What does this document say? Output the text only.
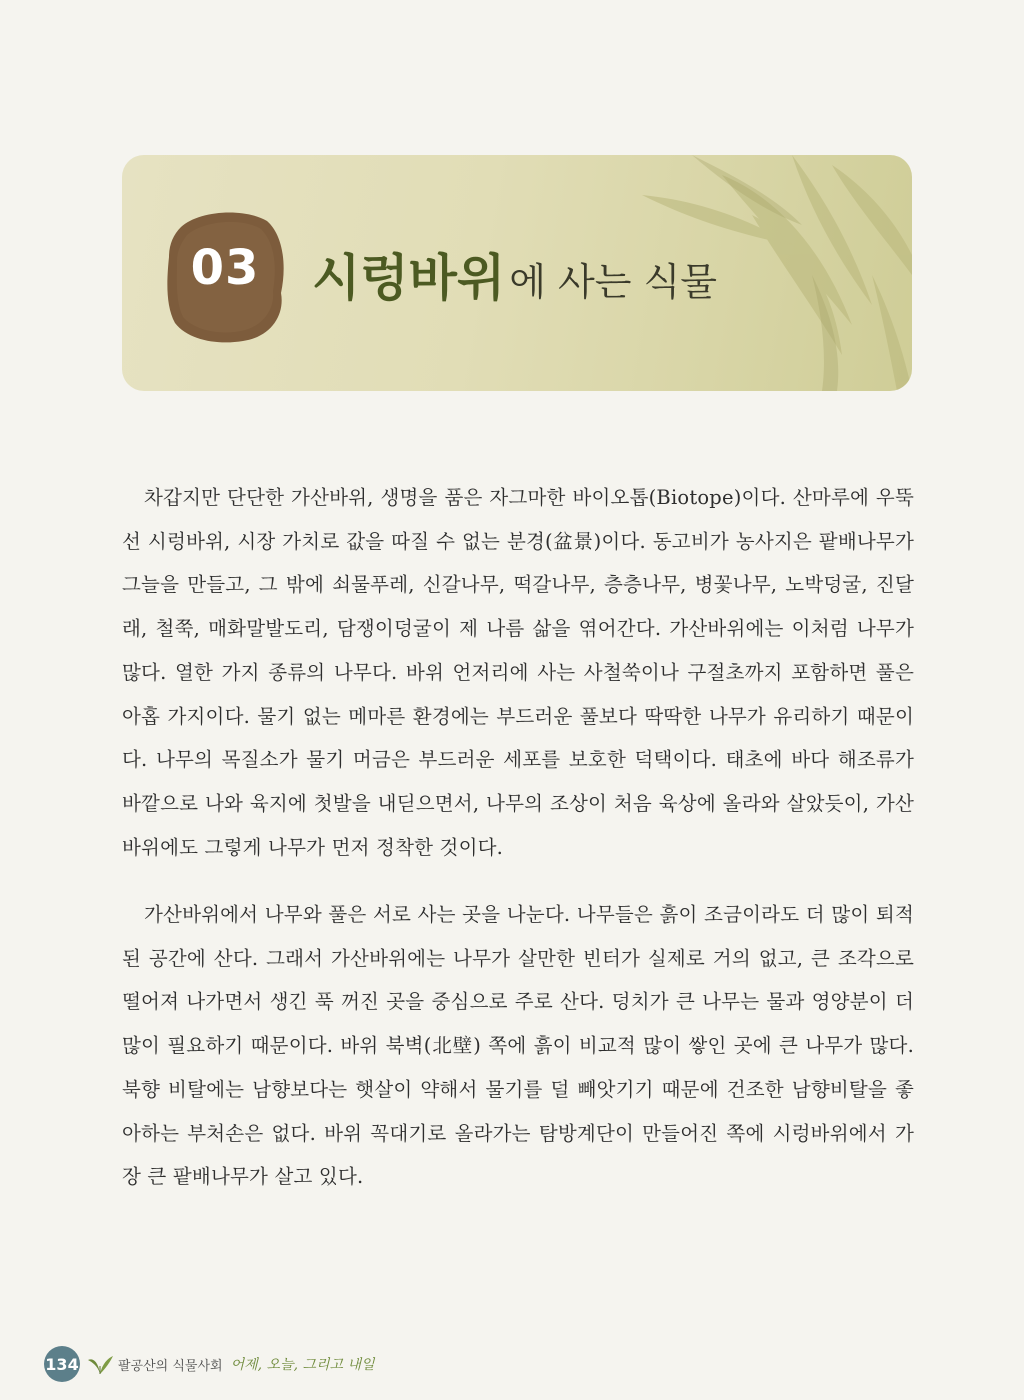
03	시렁바위 에 사는 식물

차갑지만 단단한 가산바위, 생명을 품은 자그마한 바이오톱(Biotope)이다. 산마루에 우뚝 선 시렁바위, 시장 가치로 값을 따질 수 없는 분경(盆景)이다. 동고비가 농사지은 팥배나무가 그늘을 만들고, 그 밖에 쇠물푸레, 신갈나무, 떡갈나무, 층층나무, 병꽃나무, 노박덩굴, 진달래, 철쭉, 매화말발도리, 담쟁이덩굴이 제 나름 삶을 엮어간다. 가산바위에는 이처럼 나무가 많다. 열한 가지 종류의 나무다. 바위 언저리에 사는 사철쑥이나 구절초까지 포함하면 풀은 아홉 가지이다. 물기 없는 메마른 환경에는 부드러운 풀보다 딱딱한 나무가 유리하기 때문이다. 나무의 목질소가 물기 머금은 부드러운 세포를 보호한 덕택이다. 태초에 바다 해조류가 바깥으로 나와 육지에 첫발을 내딛으면서, 나무의 조상이 처음 육상에 올라와 살았듯이, 가산바위에도 그렇게 나무가 먼저 정착한 것이다.

가산바위에서 나무와 풀은 서로 사는 곳을 나눈다. 나무들은 흙이 조금이라도 더 많이 퇴적된 공간에 산다. 그래서 가산바위에는 나무가 살만한 빈터가 실제로 거의 없고, 큰 조각으로 떨어져 나가면서 생긴 푹 꺼진 곳을 중심으로 주로 산다. 덩치가 큰 나무는 물과 영양분이 더 많이 필요하기 때문이다. 바위 북벽(北壁) 쪽에 흙이 비교적 많이 쌓인 곳에 큰 나무가 많다. 북향 비탈에는 남향보다는 햇살이 약해서 물기를 덜 빼앗기기 때문에 건조한 남향비탈을 좋아하는 부처손은 없다. 바위 꼭대기로 올라가는 탐방계단이 만들어진 쪽에 시렁바위에서 가장 큰 팥배나무가 살고 있다.

134	팔공산의 식물사회 어제, 오늘, 그리고 내일
